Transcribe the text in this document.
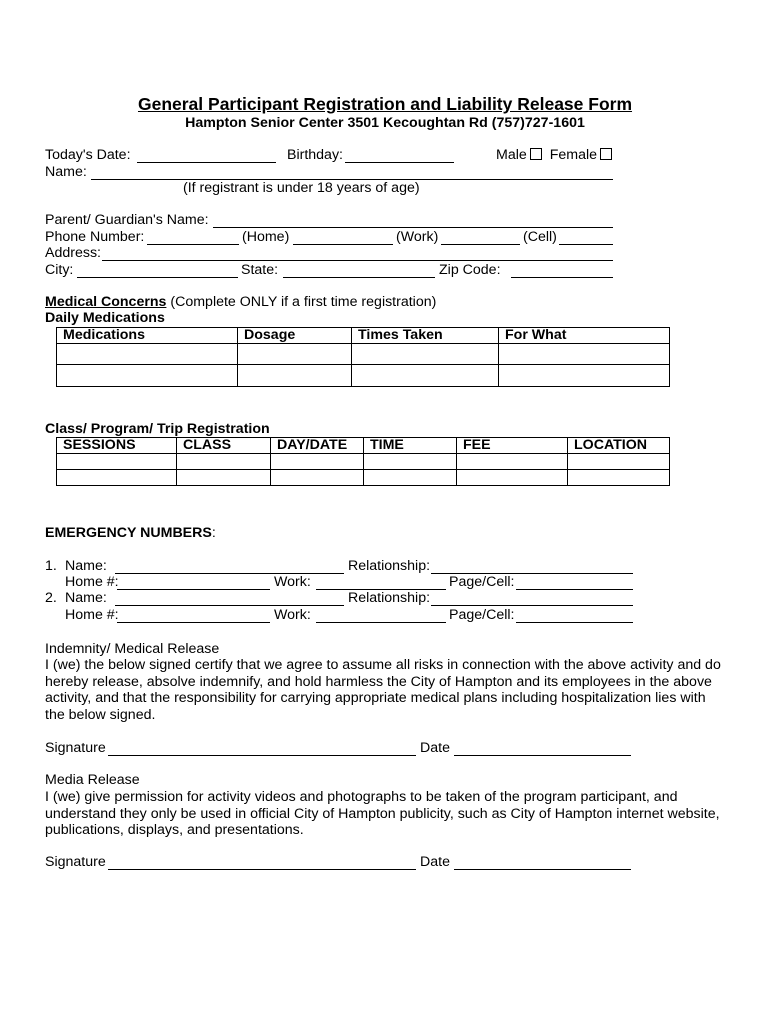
General Participant Registration and Liability Release Form
Hampton Senior Center 3501 Kecoughtan Rd (757)727-1601
Today's Date:	Birthday:	Male Female
Name:
(If registrant is under 18 years of age)
Parent/ Guardian's Name:
Phone Number:	(Home)	(Work)	(Cell)
Address:
City:	State:	Zip Code:
Medical Concerns (Complete ONLY if a first time registration)
Daily Medications
Medications	Dosage	Times Taken	For What

Class/ Program/ Trip Registration
SESSIONS	CLASS	DAY/DATE	TIME	FEE	LOCATION

EMERGENCY NUMBERS:
1. Name:	Relationship:
Home #:	Work:	Page/Cell:
2. Name:	Relationship:
Home #:	Work:	Page/Cell:
Indemnity/ Medical Release
I (we) the below signed certify that we agree to assume all risks in connection with the above activity and do hereby release, absolve indemnify, and hold harmless the City of Hampton and its employees in the above activity, and that the responsibility for carrying appropriate medical plans including hospitalization lies with the below signed.
Signature	Date
Media Release
I (we) give permission for activity videos and photographs to be taken of the program participant, and understand they only be used in official City of Hampton publicity, such as City of Hampton internet website, publications, displays, and presentations.
Signature	Date
